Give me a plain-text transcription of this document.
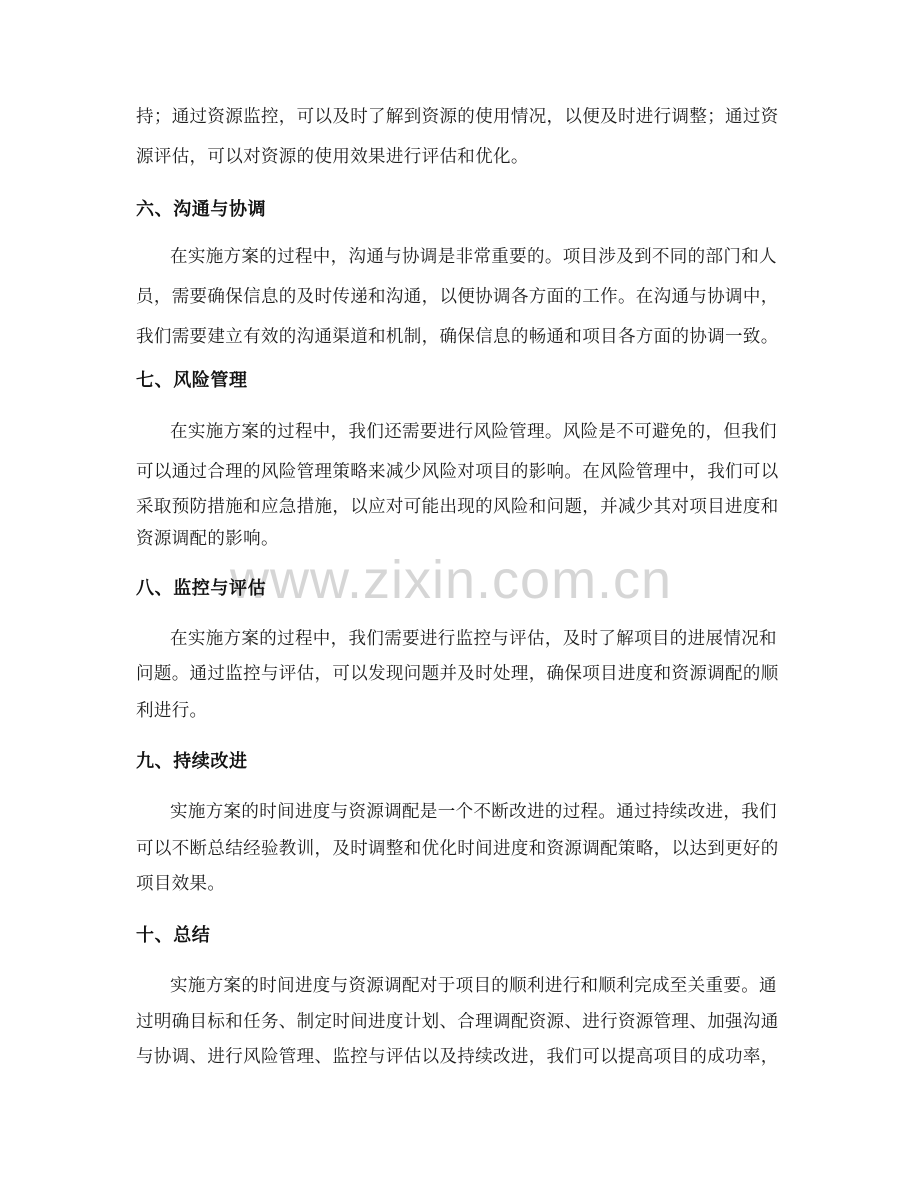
www.zixin.com.cn
持；通过资源监控，可以及时了解到资源的使用情况，以便及时进行调整；通过资
源评估，可以对资源的使用效果进行评估和优化。
六、沟通与协调
在实施方案的过程中，沟通与协调是非常重要的。项目涉及到不同的部门和人
员，需要确保信息的及时传递和沟通，以便协调各方面的工作。在沟通与协调中，
我们需要建立有效的沟通渠道和机制，确保信息的畅通和项目各方面的协调一致。
七、风险管理
在实施方案的过程中，我们还需要进行风险管理。风险是不可避免的，但我们
可以通过合理的风险管理策略来减少风险对项目的影响。在风险管理中，我们可以
采取预防措施和应急措施，以应对可能出现的风险和问题，并减少其对项目进度和
资源调配的影响。
八、监控与评估
在实施方案的过程中，我们需要进行监控与评估，及时了解项目的进展情况和
问题。通过监控与评估，可以发现问题并及时处理，确保项目进度和资源调配的顺
利进行。
九、持续改进
实施方案的时间进度与资源调配是一个不断改进的过程。通过持续改进，我们
可以不断总结经验教训，及时调整和优化时间进度和资源调配策略，以达到更好的
项目效果。
十、总结
实施方案的时间进度与资源调配对于项目的顺利进行和顺利完成至关重要。通
过明确目标和任务、制定时间进度计划、合理调配资源、进行资源管理、加强沟通
与协调、进行风险管理、监控与评估以及持续改进，我们可以提高项目的成功率，
